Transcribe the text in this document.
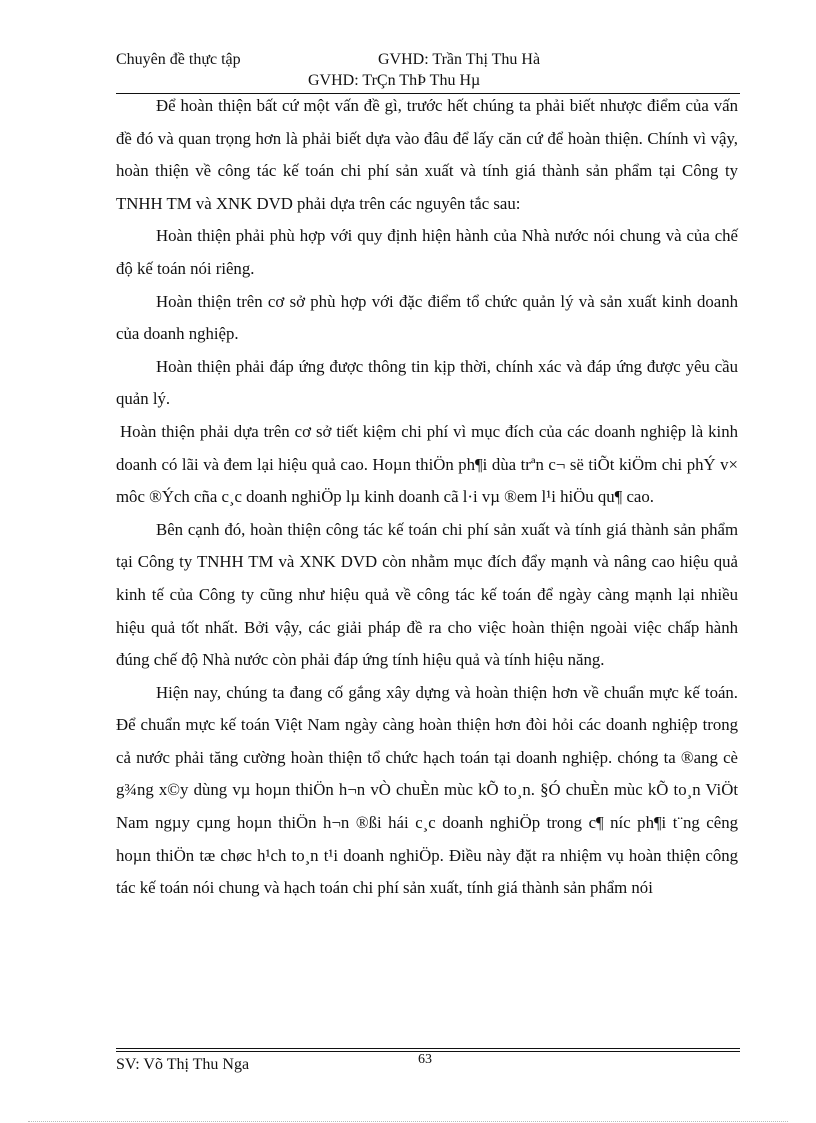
Chuyên đề thực tập	GVHD: Trần Thị Thu Hà
GVHD: TrÇn ThÞ Thu Hµ

Để hoàn thiện bất cứ một vấn đề gì, trước hết chúng ta phải biết nhược điểm của vấn đề đó và quan trọng hơn là phải biết dựa vào đâu để lấy căn cứ để hoàn thiện. Chính vì vậy, hoàn thiện về công tác kế toán chi phí sản xuất và tính giá thành sản phẩm tại Công ty TNHH TM và XNK DVD phải dựa trên các nguyên tắc sau:

Hoàn thiện phải phù hợp với quy định hiện hành của Nhà nước nói chung và của chế độ kế toán nói riêng.

Hoàn thiện trên cơ sở phù hợp với đặc điểm tổ chức quản lý và sản xuất kinh doanh của doanh nghiệp.

Hoàn thiện phải đáp ứng được thông tin kịp thời, chính xác và đáp ứng được yêu cầu quản lý.

Hoàn thiện phải dựa trên cơ sở tiết kiệm chi phí vì mục đích của các doanh nghiệp là kinh doanh có lãi và đem lại hiệu quả cao. Hoµn thiÖn ph¶i dùa trªn c¬ së tiÕt kiÖm chi phÝ v× môc ®Ých cña c¸c doanh nghiÖp lµ kinh doanh cã l·i vµ ®em l¹i hiÖu qu¶ cao.

Bên cạnh đó, hoàn thiện công tác kế toán chi phí sản xuất và tính giá thành sản phẩm tại Công ty TNHH TM và XNK DVD còn nhằm mục đích đẩy mạnh và nâng cao hiệu quả kinh tế của Công ty cũng như hiệu quả về công tác kế toán để ngày càng mạnh lại nhiều hiệu quả tốt nhất. Bởi vậy, các giải pháp đề ra cho việc hoàn thiện ngoài việc chấp hành đúng chế độ Nhà nước còn phải đáp ứng tính hiệu quả và tính hiệu năng.

Hiện nay, chúng ta đang cố gắng xây dựng và hoàn thiện hơn về chuẩn mực kế toán. Để chuẩn mực kế toán Việt Nam ngày càng hoàn thiện hơn đòi hỏi các doanh nghiệp trong cả nước phải tăng cường hoàn thiện tổ chức hạch toán tại doanh nghiệp. chóng ta ®ang cè g¾ng x©y dùng vµ hoµn thiÖn h¬n vÒ chuÈn mùc kÕ to¸n. §Ó chuÈn mùc kÕ to¸n ViÖt Nam ngµy cµng hoµn thiÖn h¬n ®ßi hái c¸c doanh nghiÖp trong c¶ níc ph¶i t¨ng cêng hoµn thiÖn tæ chøc h¹ch to¸n t¹i doanh nghiÖp. Điều này đặt ra nhiệm vụ hoàn thiện công tác kế toán nói chung và hạch toán chi phí sản xuất, tính giá thành sản phẩm nói

SV: Võ Thị Thu Nga	63
